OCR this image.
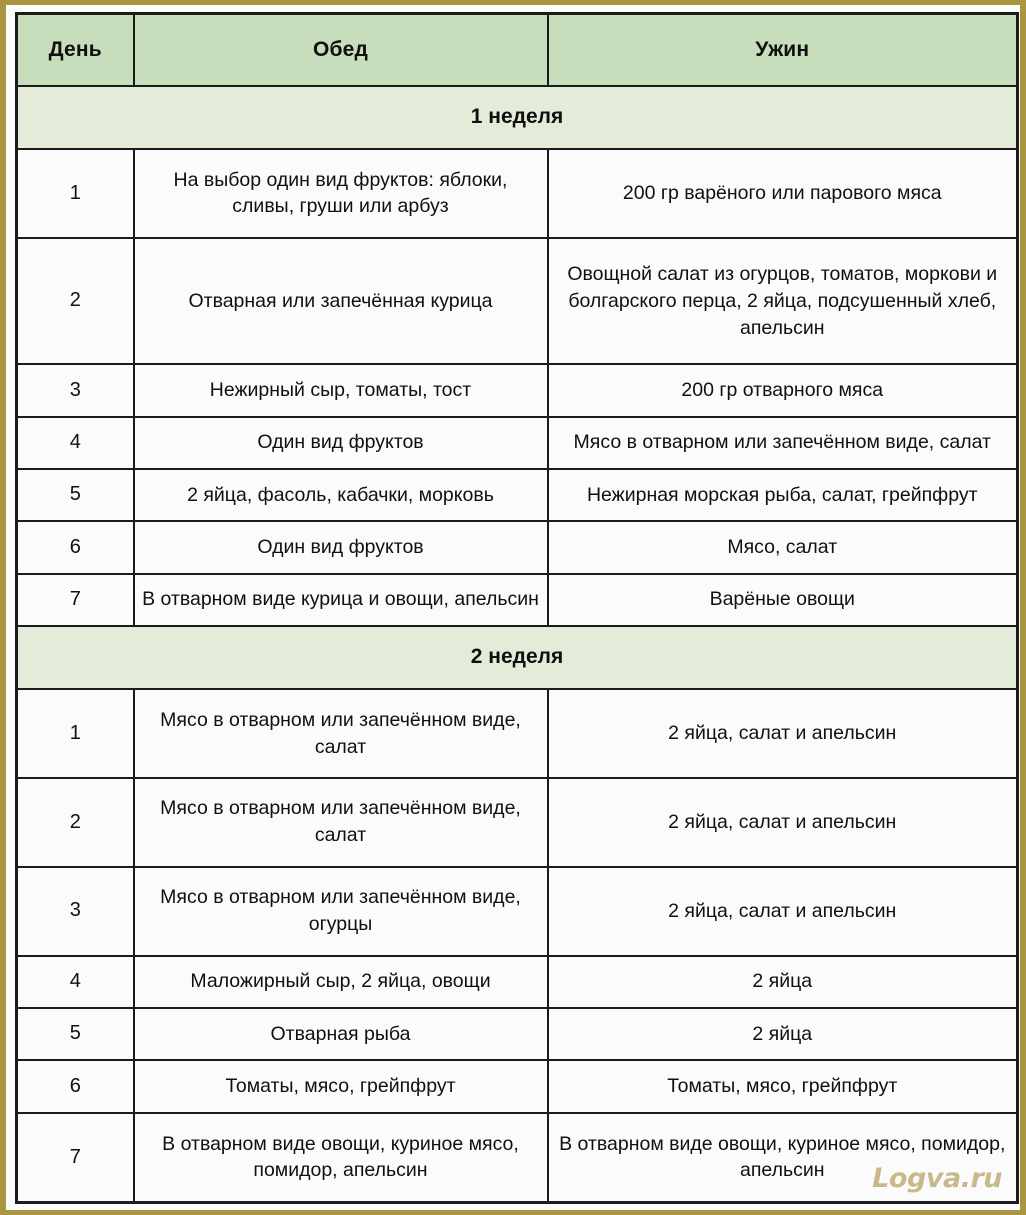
День	Обед	Ужин
1 неделя		
1	На выбор один вид фруктов: яблоки, сливы, груши или арбуз	200 гр варёного или парового мяса
2	Отварная или запечённая курица	Овощной салат из огурцов, томатов, моркови и болгарского перца, 2 яйца, подсушенный хлеб, апельсин
3	Нежирный сыр, томаты, тост	200 гр отварного мяса
4	Один вид фруктов	Мясо в отварном или запечённом виде, салат
5	2 яйца, фасоль, кабачки, морковь	Нежирная морская рыба, салат, грейпфрут
6	Один вид фруктов	Мясо, салат
7	В отварном виде курица и овощи, апельсин	Варёные овощи
2 неделя		
1	Мясо в отварном или запечённом виде, салат	2 яйца, салат и апельсин
2	Мясо в отварном или запечённом виде, салат	2 яйца, салат и апельсин
3	Мясо в отварном или запечённом виде, огурцы	2 яйца, салат и апельсин
4	Маложирный сыр, 2 яйца, овощи	2 яйца
5	Отварная рыба	2 яйца
6	Томаты, мясо, грейпфрут	Томаты, мясо, грейпфрут
7	В отварном виде овощи, куриное мясо, помидор, апельсин	В отварном виде овощи, куриное мясо, помидор, апельсин Logva.ru
